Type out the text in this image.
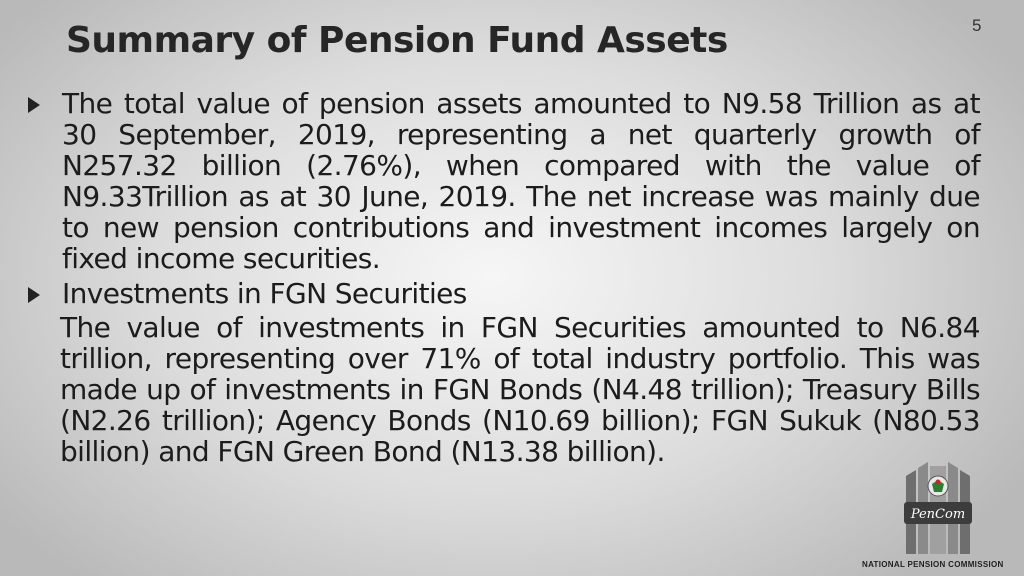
Summary of Pension Fund Assets	5

The total value of pension assets amounted to N9.58 Trillion as at 30 September, 2019, representing a net quarterly growth of N257.32 billion (2.76%), when compared with the value of N9.33Trillion as at 30 June, 2019. The net increase was mainly due to new pension contributions and investment incomes largely on fixed income securities.

Investments in FGN Securities

The value of investments in FGN Securities amounted to N6.84 trillion, representing over 71% of total industry portfolio. This was made up of investments in FGN Bonds (N4.48 trillion); Treasury Bills (N2.26 trillion); Agency Bonds (N10.69 billion); FGN Sukuk (N80.53 billion) and FGN Green Bond (N13.38 billion).

PenCom
NATIONAL PENSION COMMISSION
